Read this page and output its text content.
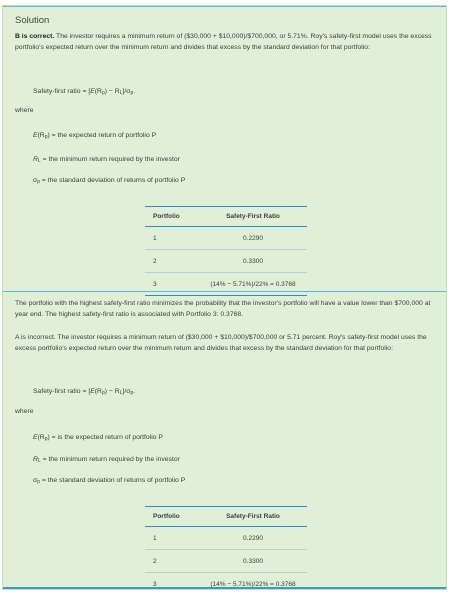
Solution
B is correct. The investor requires a minimum return of ($30,000 + $10,000)/$700,000, or 5.71%. Roy's safety-first model uses the excess portfolio's expected return over the minimum return and divides that excess by the standard deviation for that portfolio:
Safety-first ratio = $[E(R_p) - R_L]/\sigma_p$.
where
$E(R_p)$ = the expected return of portfolio P
$R_L$ = the minimum return required by the investor
$\sigma_p$ = the standard deviation of returns of portfolio P
Portfolio	Safety-First Ratio
1	0.2290
2	0.3300
3	(14% − 5.71%)/22% = 0.3768
The portfolio with the highest safety-first ratio minimizes the probability that the investor's portfolio will have a value lower than $700,000 at year end. The highest safety-first ratio is associated with Portfolio 3: 0.3768.
A is incorrect. The investor requires a minimum return of ($30,000 + $10,000)/$700,000 or 5.71 percent. Roy's safety-first model uses the excess portfolio's expected return over the minimum return and divides that excess by the standard deviation for that portfolio:
Safety-first ratio = $[E(R_p) - R_L]/\sigma_p$.
where
$E(R_p)$ = is the expected return of portfolio P
$R_L$ = the minimum return required by the investor
$\sigma_p$ = the standard deviation of returns of portfolio P
Portfolio	Safety-First Ratio
1	0.2290
2	0.3300
3	(14% − 5.71%)/22% = 0.3768
